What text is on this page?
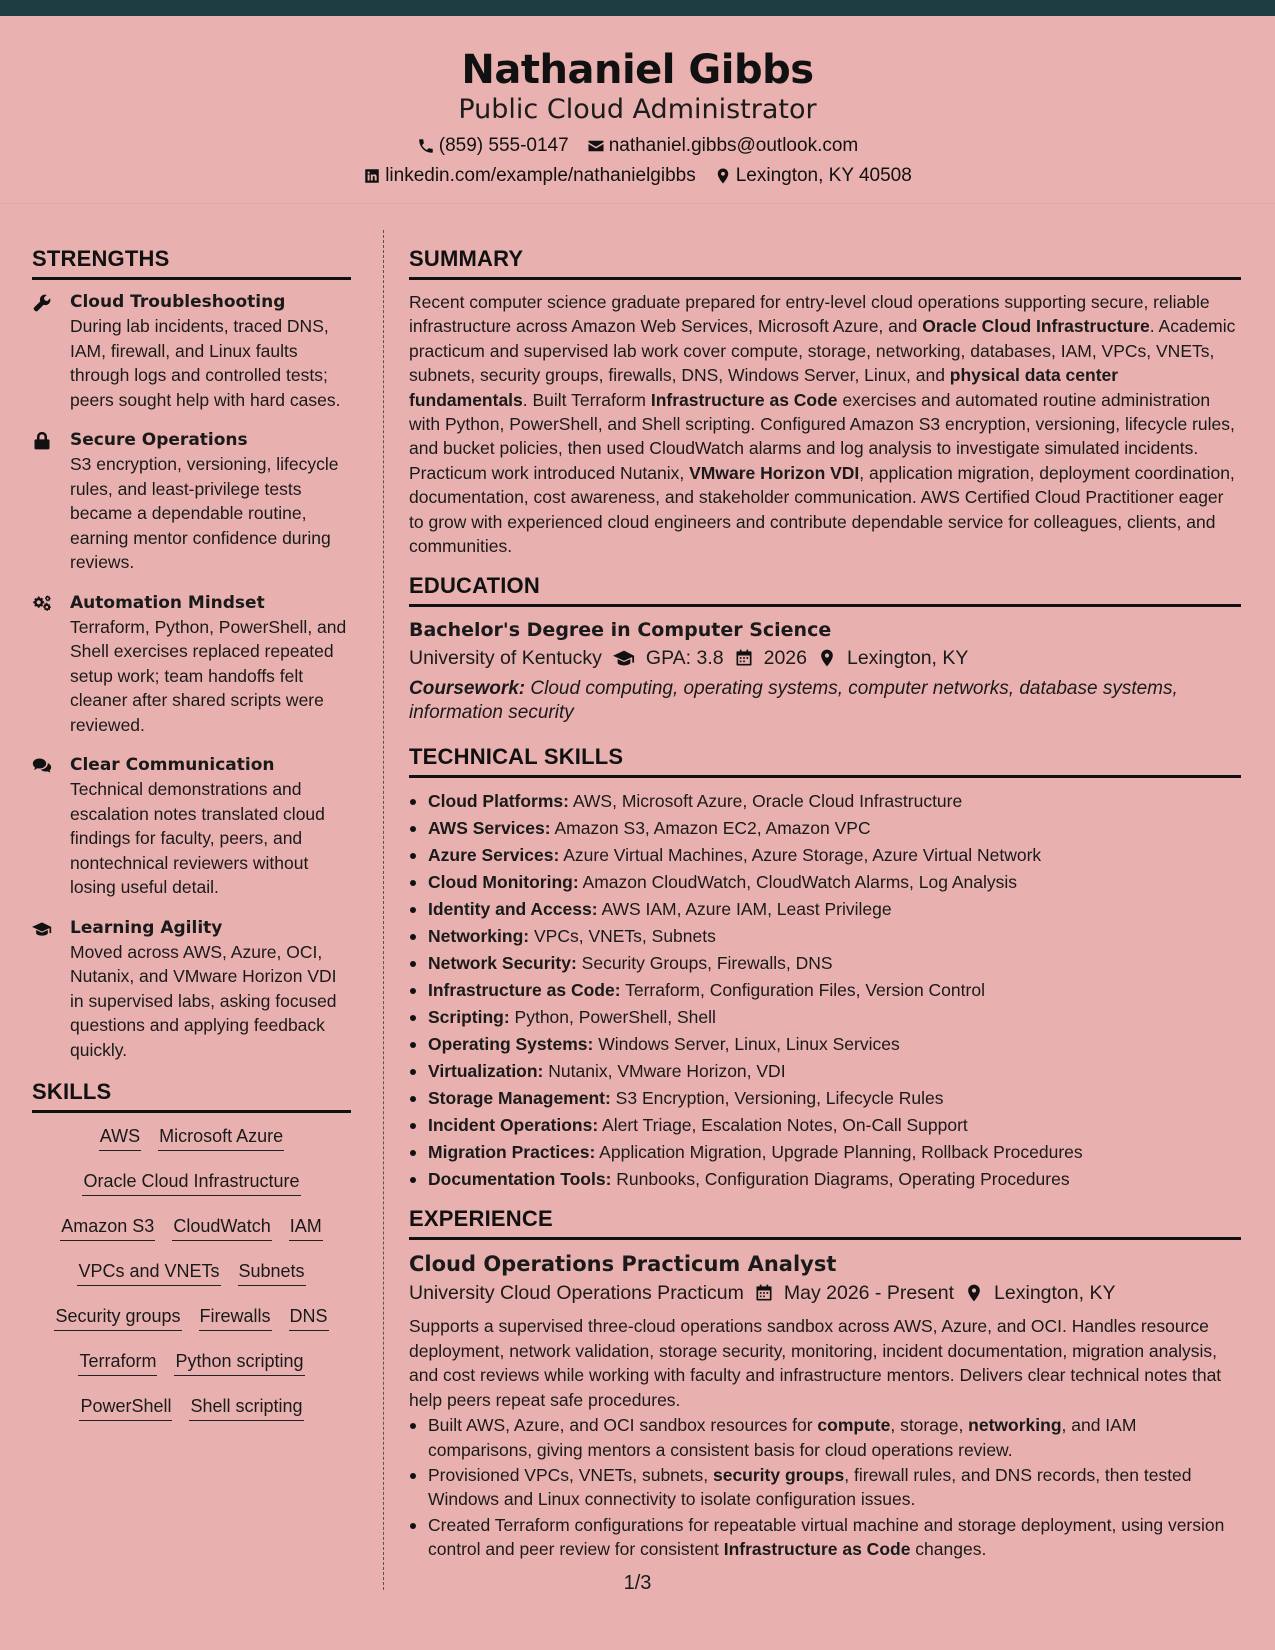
Nathaniel Gibbs
Public Cloud Administrator
(859) 555-0147 nathaniel.gibbs@outlook.com
linkedin.com/example/nathanielgibbs Lexington, KY 40508
STRENGTHS
Cloud Troubleshooting
During lab incidents, traced DNS, IAM, firewall, and Linux faults through logs and controlled tests; peers sought help with hard cases.
Secure Operations
S3 encryption, versioning, lifecycle rules, and least-privilege tests became a dependable routine, earning mentor confidence during reviews.
Automation Mindset
Terraform, Python, PowerShell, and Shell exercises replaced repeated setup work; team handoffs felt cleaner after shared scripts were reviewed.
Clear Communication
Technical demonstrations and escalation notes translated cloud findings for faculty, peers, and nontechnical reviewers without losing useful detail.
Learning Agility
Moved across AWS, Azure, OCI, Nutanix, and VMware Horizon VDI in supervised labs, asking focused questions and applying feedback quickly.
SKILLS
AWS Microsoft Azure
Oracle Cloud Infrastructure
Amazon S3 CloudWatch IAM
VPCs and VNETs Subnets
Security groups Firewalls DNS
Terraform Python scripting
PowerShell Shell scripting
SUMMARY

Recent computer science graduate prepared for entry-level cloud operations supporting secure, reliable infrastructure across Amazon Web Services, Microsoft Azure, and Oracle Cloud Infrastructure. Academic practicum and supervised lab work cover compute, storage, networking, databases, IAM, VPCs, VNETs, subnets, security groups, firewalls, DNS, Windows Server, Linux, and physical data center fundamentals. Built Terraform Infrastructure as Code exercises and automated routine administration with Python, PowerShell, and Shell scripting. Configured Amazon S3 encryption, versioning, lifecycle rules, and bucket policies, then used CloudWatch alarms and log analysis to investigate simulated incidents. Practicum work introduced Nutanix, VMware Horizon VDI, application migration, deployment coordination, documentation, cost awareness, and stakeholder communication. AWS Certified Cloud Practitioner eager to grow with experienced cloud engineers and contribute dependable service for colleagues, clients, and communities.

EDUCATION
Bachelor's Degree in Computer Science
University of Kentucky GPA: 3.8 2026 Lexington, KY
Coursework: Cloud computing, operating systems, computer networks, database systems, information security
TECHNICAL SKILLS
Cloud Platforms: AWS, Microsoft Azure, Oracle Cloud Infrastructure
AWS Services: Amazon S3, Amazon EC2, Amazon VPC
Azure Services: Azure Virtual Machines, Azure Storage, Azure Virtual Network
Cloud Monitoring: Amazon CloudWatch, CloudWatch Alarms, Log Analysis
Identity and Access: AWS IAM, Azure IAM, Least Privilege
Networking: VPCs, VNETs, Subnets
Network Security: Security Groups, Firewalls, DNS
Infrastructure as Code: Terraform, Configuration Files, Version Control
Scripting: Python, PowerShell, Shell
Operating Systems: Windows Server, Linux, Linux Services
Virtualization: Nutanix, VMware Horizon, VDI
Storage Management: S3 Encryption, Versioning, Lifecycle Rules
Incident Operations: Alert Triage, Escalation Notes, On-Call Support
Migration Practices: Application Migration, Upgrade Planning, Rollback Procedures
Documentation Tools: Runbooks, Configuration Diagrams, Operating Procedures
EXPERIENCE
Cloud Operations Practicum Analyst
University Cloud Operations Practicum May 2026 - Present Lexington, KY

Supports a supervised three-cloud operations sandbox across AWS, Azure, and OCI. Handles resource deployment, network validation, storage security, monitoring, incident documentation, migration analysis, and cost reviews while working with faculty and infrastructure mentors. Delivers clear technical notes that help peers repeat safe procedures.

Built AWS, Azure, and OCI sandbox resources for compute, storage, networking, and IAM comparisons, giving mentors a consistent basis for cloud operations review.
Provisioned VPCs, VNETs, subnets, security groups, firewall rules, and DNS records, then tested Windows and Linux connectivity to isolate configuration issues.
Created Terraform configurations for repeatable virtual machine and storage deployment, using version control and peer review for consistent Infrastructure as Code changes.
1/3
